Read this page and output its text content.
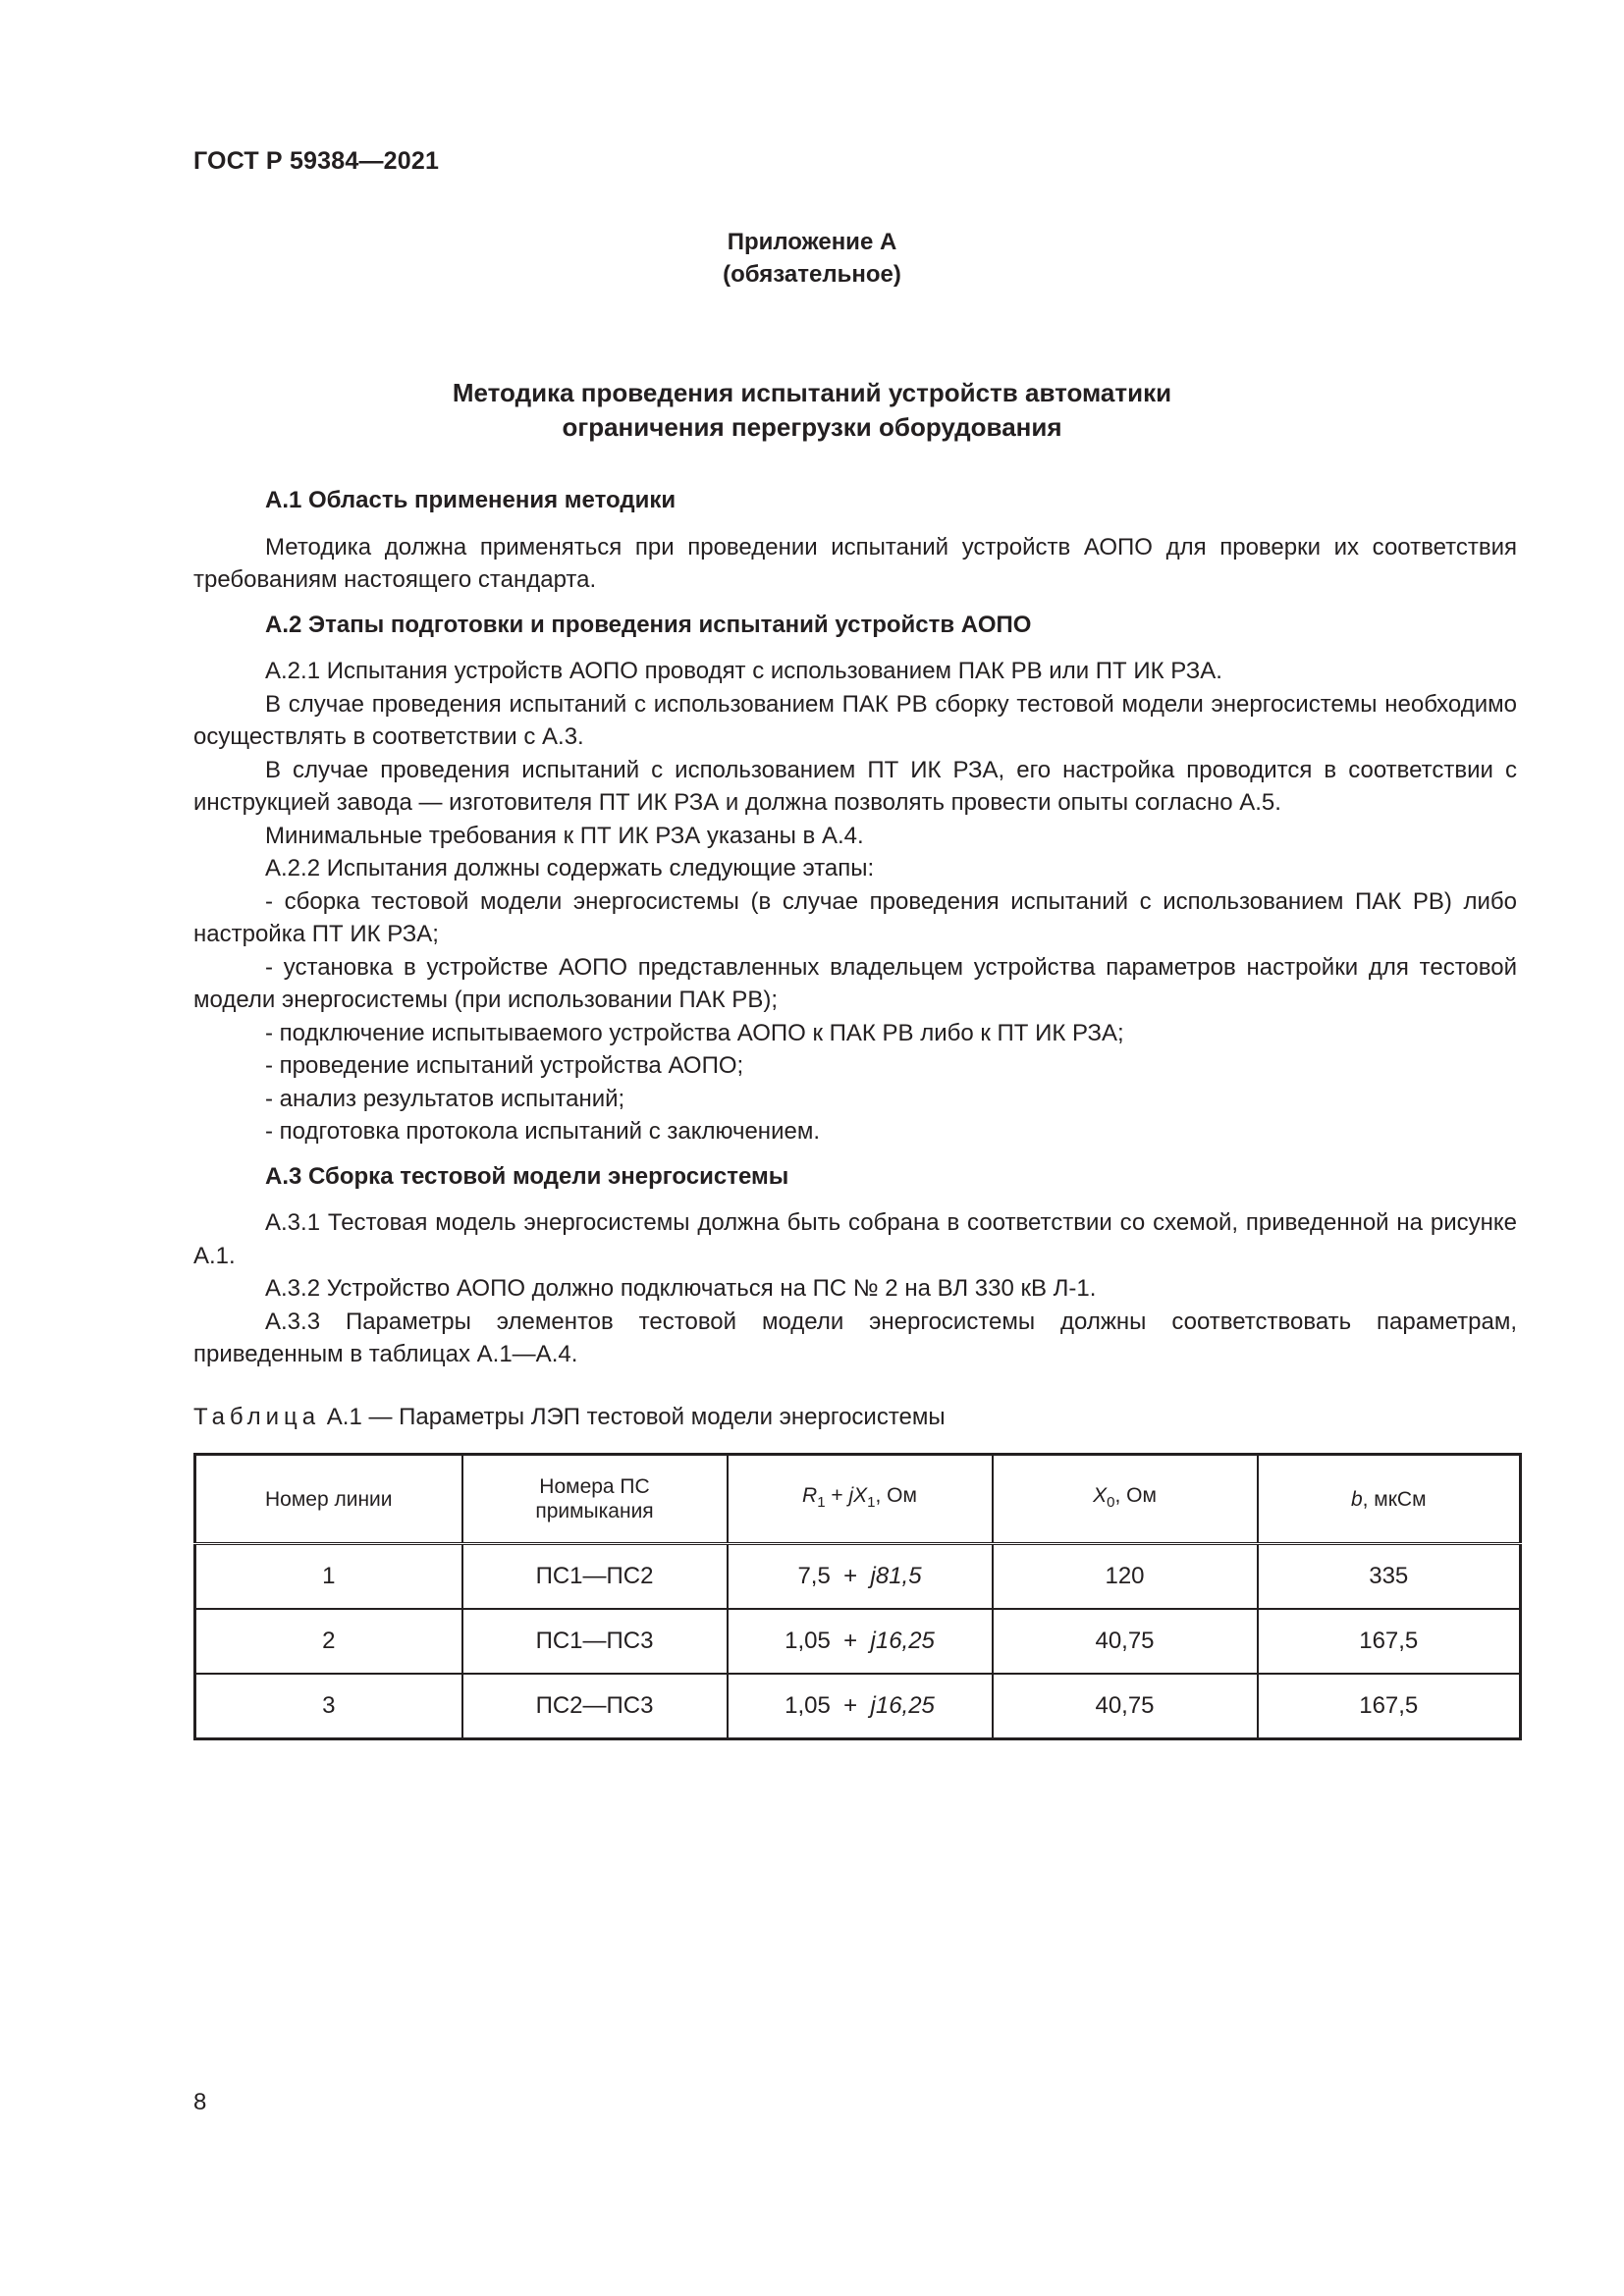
ГОСТ Р 59384—2021
Приложение А
(обязательное)
Методика проведения испытаний устройств автоматики
ограничения перегрузки оборудования

А.1 Область применения методики

Методика должна применяться при проведении испытаний устройств АОПО для проверки их соответствия требованиям настоящего стандарта.

А.2 Этапы подготовки и проведения испытаний устройств АОПО

А.2.1 Испытания устройств АОПО проводят с использованием ПАК РВ или ПТ ИК РЗА.

В случае проведения испытаний с использованием ПАК РВ сборку тестовой модели энергосистемы необходимо осуществлять в соответствии с А.3.

В случае проведения испытаний с использованием ПТ ИК РЗА, его настройка проводится в соответствии с инструкцией завода — изготовителя ПТ ИК РЗА и должна позволять провести опыты согласно А.5.

Минимальные требования к ПТ ИК РЗА указаны в А.4.

А.2.2 Испытания должны содержать следующие этапы:

- сборка тестовой модели энергосистемы (в случае проведения испытаний с использованием ПАК РВ) либо настройка ПТ ИК РЗА;

- установка в устройстве АОПО представленных владельцем устройства параметров настройки для тестовой модели энергосистемы (при использовании ПАК РВ);

- подключение испытываемого устройства АОПО к ПАК РВ либо к ПТ ИК РЗА;

- проведение испытаний устройства АОПО;

- анализ результатов испытаний;

- подготовка протокола испытаний с заключением.

А.3 Сборка тестовой модели энергосистемы

А.3.1 Тестовая модель энергосистемы должна быть собрана в соответствии со схемой, приведенной на рисунке А.1.

А.3.2 Устройство АОПО должно подключаться на ПС № 2 на ВЛ 330 кВ Л-1.

А.3.3 Параметры элементов тестовой модели энергосистемы должны соответствовать параметрам, приведенным в таблицах А.1—А.4.

Таблица А.1 — Параметры ЛЭП тестовой модели энергосистемы
Номер линии	Номера ПС примыкания	$R_1 + jX_1$, Ом	$X_0$, Ом	b, мкСм
1	ПС1—ПС2	7,5 + j81,5	120	335
2	ПС1—ПС3	1,05 + j16,25	40,75	167,5
3	ПС2—ПС3	1,05 + j16,25	40,75	167,5
8
